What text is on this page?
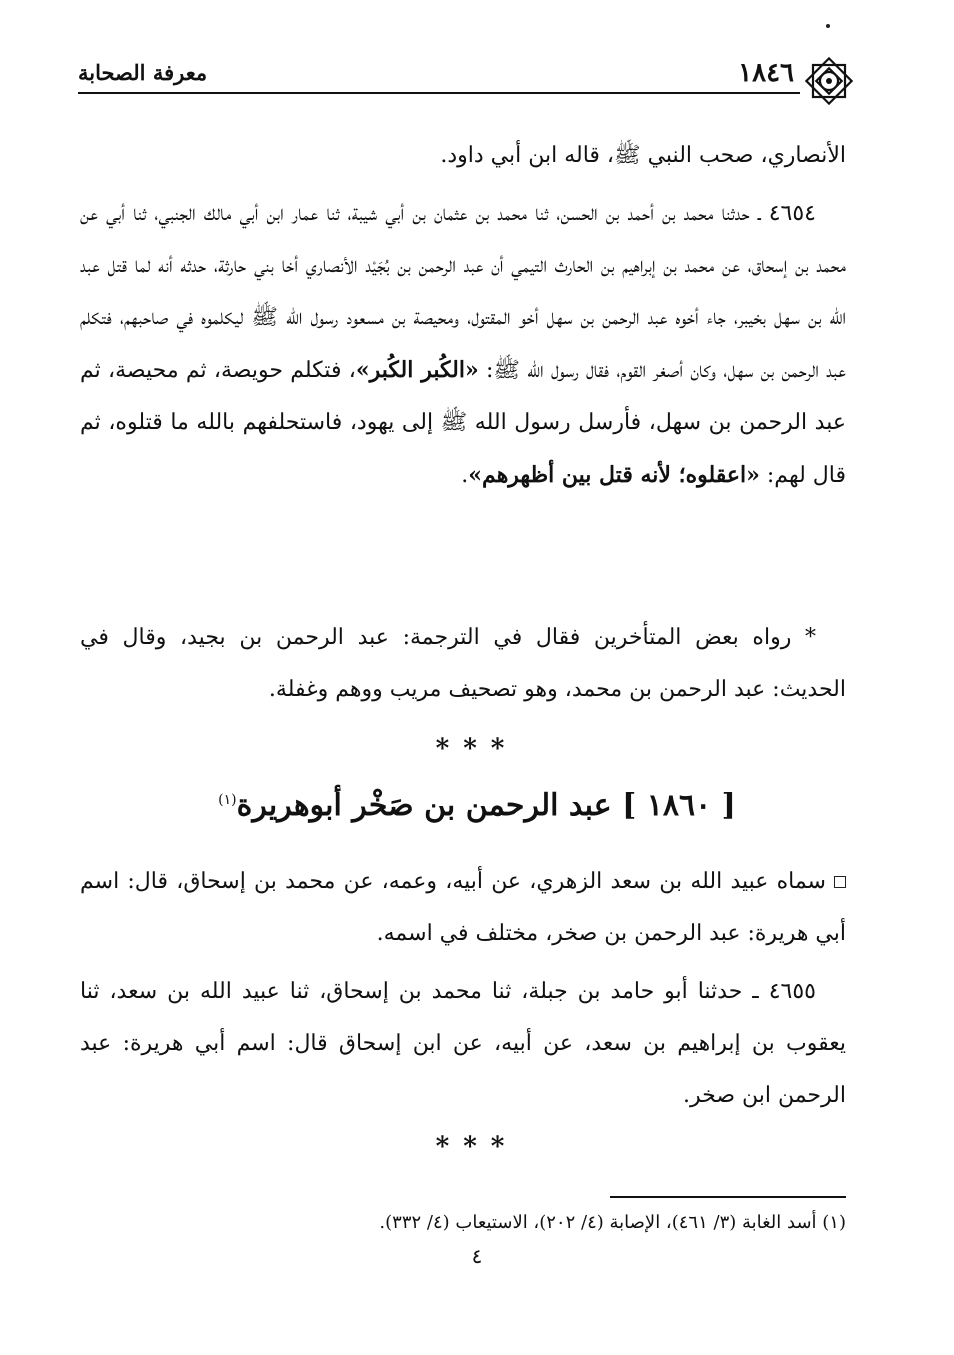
معرفة الصحابة	١٨٤٦
الأنصاري، صحب النبي ﷺ، قاله ابن أبي داود.
٤٦٥٤ ـ حدثنا محمد بن أحمد بن الحسن، ثنا محمد بن عثمان بن أبي شيبة، ثنا عمار ابن أبي مالك الجنبي، ثنا أبي عن محمد بن إسحاق، عن محمد بن إبراهيم بن الحارث التيمي أن عبد الرحمن بن بُجَيْد الأنصاري أخا بني حارثة، حدثه أنه لما قتل عبد الله بن سهل بخيبر، جاء أخوه عبد الرحمن بن سهل أخو المقتول، ومحيصة بن مسعود رسول الله ﷺ ليكلموه في صاحبهم، فتكلم عبد الرحمن بن سهل، وكان أصغر القوم، فقال رسول الله ﷺ: «الكُبر الكُبر»، فتكلم حويصة، ثم محيصة، ثم عبد الرحمن بن سهل، فأرسل رسول الله ﷺ إلى يهود، فاستحلفهم بالله ما قتلوه، ثم قال لهم: «اعقلوه؛ لأنه قتل بين أظهرهم».
* رواه بعض المتأخرين فقال في الترجمة: عبد الرحمن بن بجيد، وقال في الحديث: عبد الرحمن بن محمد، وهو تصحيف مريب ووهم وغفلة.
***
[ ١٨٦٠ ] عبد الرحمن بن صَخْر أبوهريرة$^{(١)}$
سماه عبيد الله بن سعد الزهري، عن أبيه، وعمه، عن محمد بن إسحاق، قال: اسم أبي هريرة: عبد الرحمن بن صخر، مختلف في اسمه.
٤٦٥٥ ـ حدثنا أبو حامد بن جبلة، ثنا محمد بن إسحاق، ثنا عبيد الله بن سعد، ثنا يعقوب بن إبراهيم بن سعد، عن أبيه، عن ابن إسحاق قال: اسم أبي هريرة: عبد الرحمن ابن صخر.
***
(١) أسد الغابة (٣/ ٤٦١)، الإصابة (٤/ ٢٠٢)، الاستيعاب (٤/ ٣٣٢).
٤
